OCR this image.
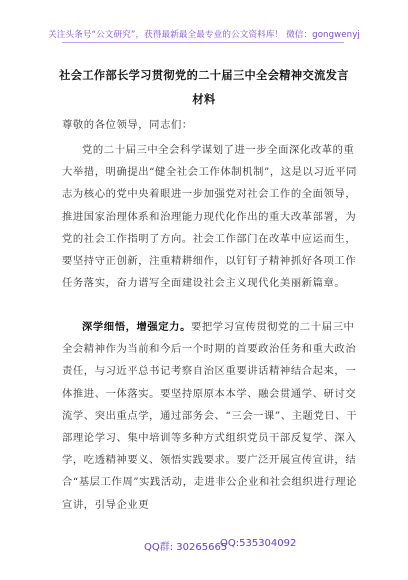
关注头条号“公文研究”，获得最新最全最专业的公文资料库！ 微信：gongwenyj
社会工作部长学习贯彻党的二十届三中全会精神交流发言
材料
尊敬的各位领导，同志们：

党的二十届三中全会科学谋划了进一步全面深化改革的重大举措，明确提出“健全社会工作体制机制”，这是以习近平同志为核心的党中央着眼进一步加强党对社会工作的全面领导，推进国家治理体系和治理能力现代化作出的重大改革部署，为党的社会工作指明了方向。社会工作部门在改革中应运而生，要坚持守正创新，注重精耕细作，以钉钉子精神抓好各项工作任务落实，奋力谱写全面建设社会主义现代化美丽新篇章。

深学细悟，增强定力。要把学习宣传贯彻党的二十届三中全会精神作为当前和今后一个时期的首要政治任务和重大政治责任，与习近平总书记考察自治区重要讲话精神结合起来，一体推进、一体落实。要坚持原原本本学、融会贯通学、研讨交流学、突出重点学，通过部务会、“三会一课”、主题党日、干部理论学习、集中培训等多种方式组织党员干部反复学、深入学，吃透精神要义、领悟实践要求。要广泛开展宣传宣讲，结合“基层工作周”实践活动，走进非公企业和社会组织进行理论宣讲，引导企业更

QQ群: 30265665
QQ:535304092
